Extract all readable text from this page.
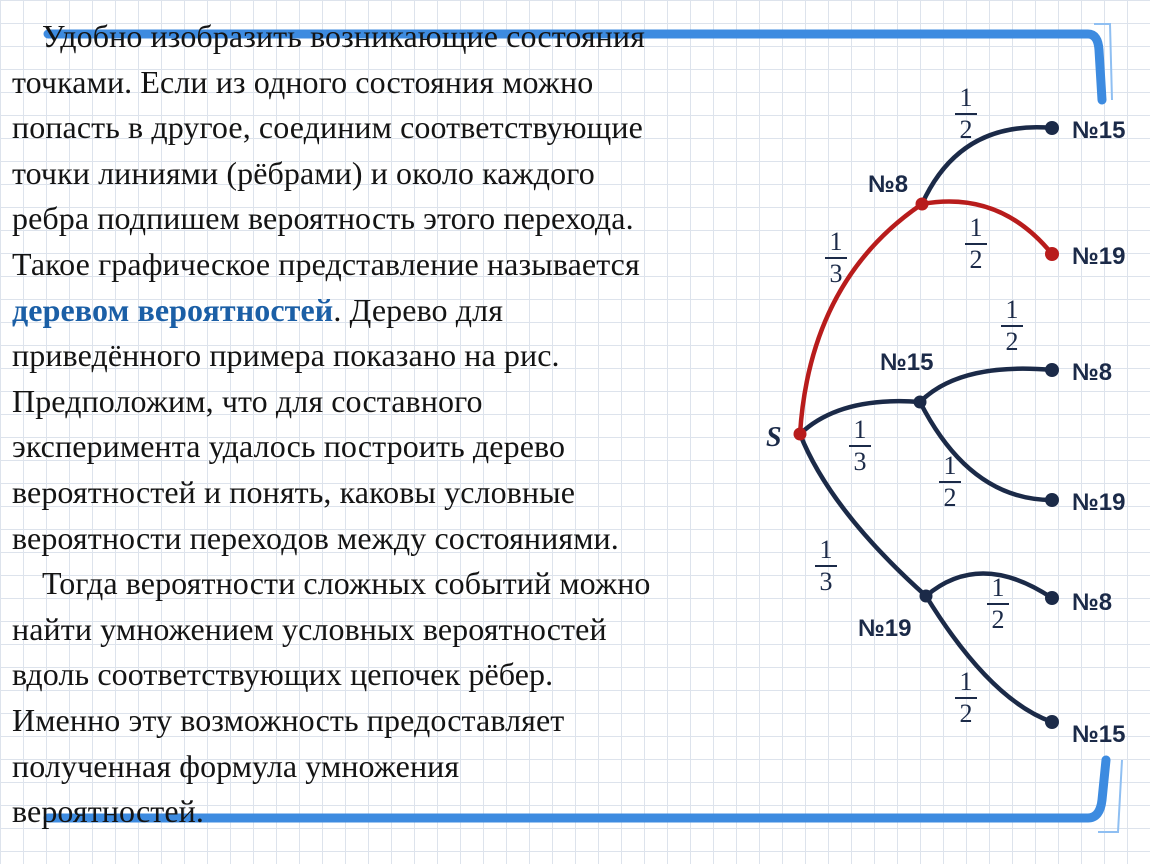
Удобно изобразить возникающие состояния
точками. Если из одного состояния можно
попасть в другое, соединим соответствующие
точки линиями (рёбрами) и около каждого
ребра подпишем вероятность этого перехода.
Такое графическое представление называется
деревом вероятностей. Дерево для
приведённого примера показано на рис.
Предположим, что для составного
эксперимента удалось построить дерево
вероятностей и понять, каковы условные
вероятности переходов между состояниями.
Тогда вероятности сложных событий можно
найти умножением условных вероятностей
вдоль соответствующих цепочек рёбер.
Именно эту возможность предоставляет
полученная формула умножения
вероятностей.
1
3
1
3
1
3
1
2
1
2
1
2
1
2
1
2
1
2
S
№8
№15
№19
№15
№19
№8
№19
№8
№15
